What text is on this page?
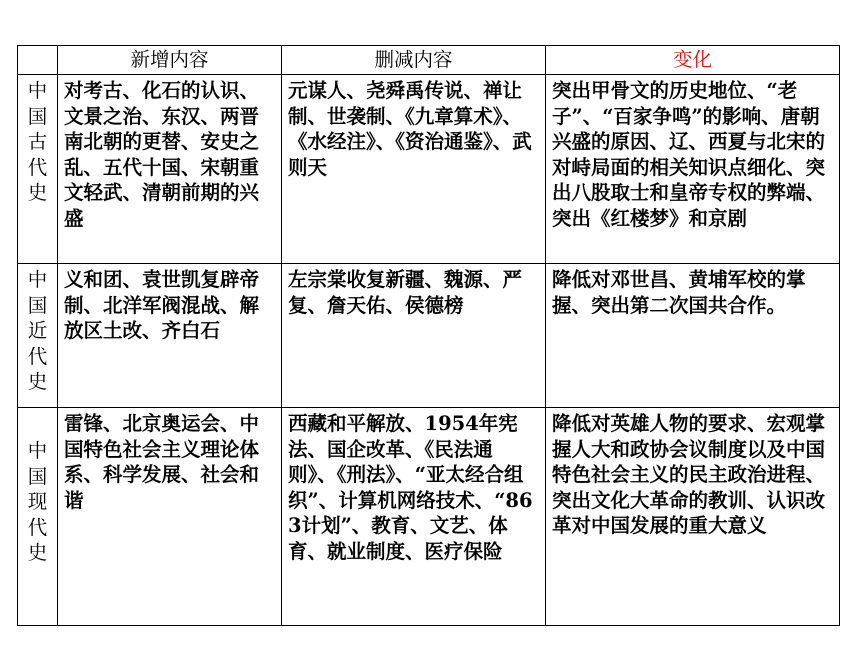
	新增内容	删减内容	变化

中
国
古
代
史	对考古、化石的认识、文景之治、东汉、两晋南北朝的更替、安史之乱、五代十国、宋朝重文轻武、清朝前期的兴盛	元谋人、尧舜禹传说、禅让制、世袭制、《九章算术》、《水经注》、《资治通鉴》、武则天	突出甲骨文的历史地位、“老子”、“百家争鸣”的影响、唐朝兴盛的原因、辽、西夏与北宋的对峙局面的相关知识点细化、突出八股取士和皇帝专权的弊端、突出《红楼梦》和京剧

中
国
近
代
史	义和团、袁世凯复辟帝制、北洋军阀混战、解放区土改、齐白石	左宗棠收复新疆、魏源、严复、詹天佑、侯德榜	降低对邓世昌、黄埔军校的掌握、突出第二次国共合作。

中
国
现
代
史	雷锋、北京奥运会、中国特色社会主义理论体系、科学发展、社会和谐	西藏和平解放、1954年宪法、国企改革、《民法通则》、《刑法》、“亚太经合组织”、计算机网络技术、“863计划”、教育、文艺、体育、就业制度、医疗保险	降低对英雄人物的要求、宏观掌握人大和政协会议制度以及中国特色社会主义的民主政治进程、突出文化大革命的教训、认识改革对中国发展的重大意义
